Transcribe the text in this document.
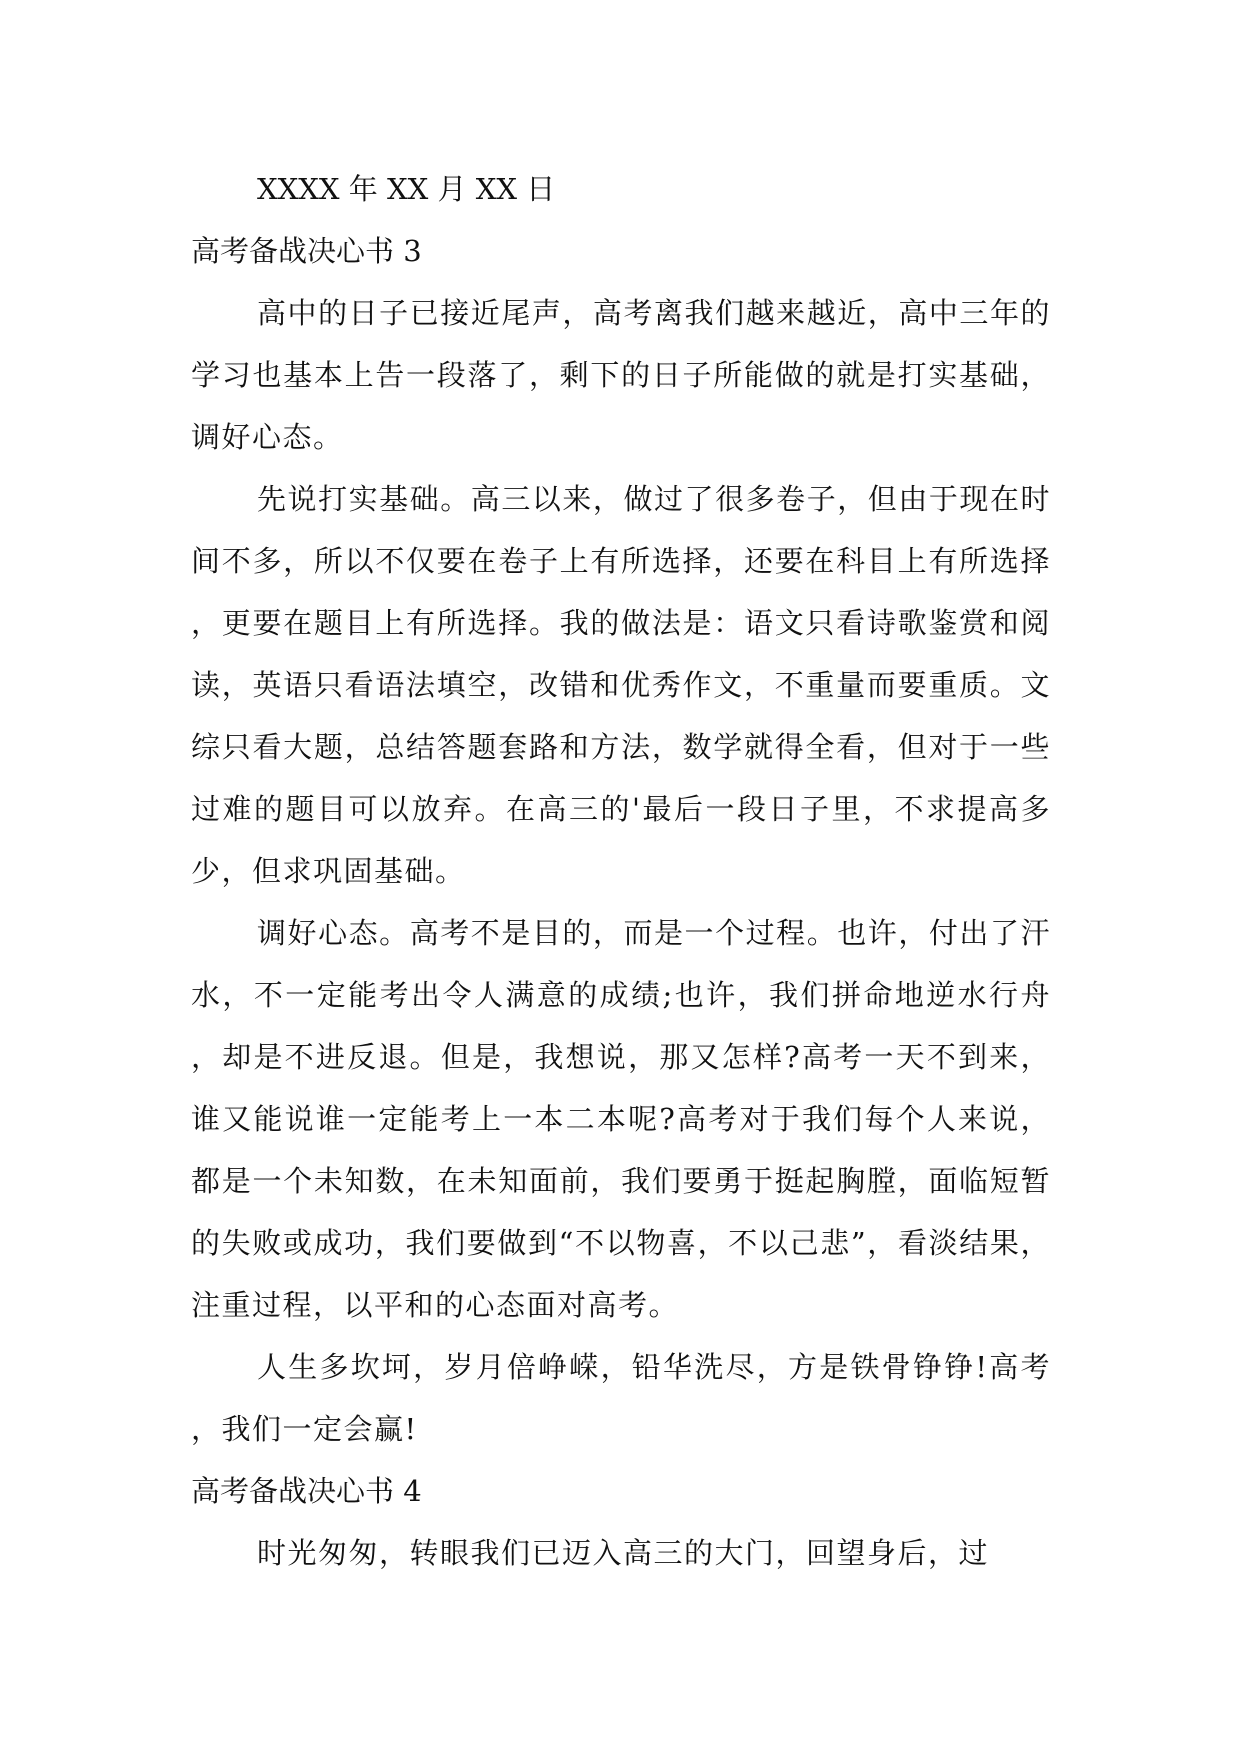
XXXX 年 XX 月 XX 日
高考备战决心书 3

高中的日子已接近尾声，高考离我们越来越近，高中三年的学习也基本上告一段落了，剩下的日子所能做的就是打实基础，调好心态。

先说打实基础。高三以来，做过了很多卷子，但由于现在时间不多，所以不仅要在卷子上有所选择，还要在科目上有所选择，更要在题目上有所选择。我的做法是：语文只看诗歌鉴赏和阅读，英语只看语法填空，改错和优秀作文，不重量而要重质。文综只看大题，总结答题套路和方法，数学就得全看，但对于一些过难的题目可以放弃。在高三的'最后一段日子里，不求提高多少，但求巩固基础。

调好心态。高考不是目的，而是一个过程。也许，付出了汗水，不一定能考出令人满意的成绩;也许，我们拼命地逆水行舟，却是不进反退。但是，我想说，那又怎样?高考一天不到来，谁又能说谁一定能考上一本二本呢?高考对于我们每个人来说，都是一个未知数，在未知面前，我们要勇于挺起胸膛，面临短暂的失败或成功，我们要做到“不以物喜，不以己悲”，看淡结果，注重过程，以平和的心态面对高考。

人生多坎坷，岁月倍峥嵘，铅华洗尽，方是铁骨铮铮!高考，我们一定会赢!

高考备战决心书 4

时光匆匆，转眼我们已迈入高三的大门，回望身后，过
